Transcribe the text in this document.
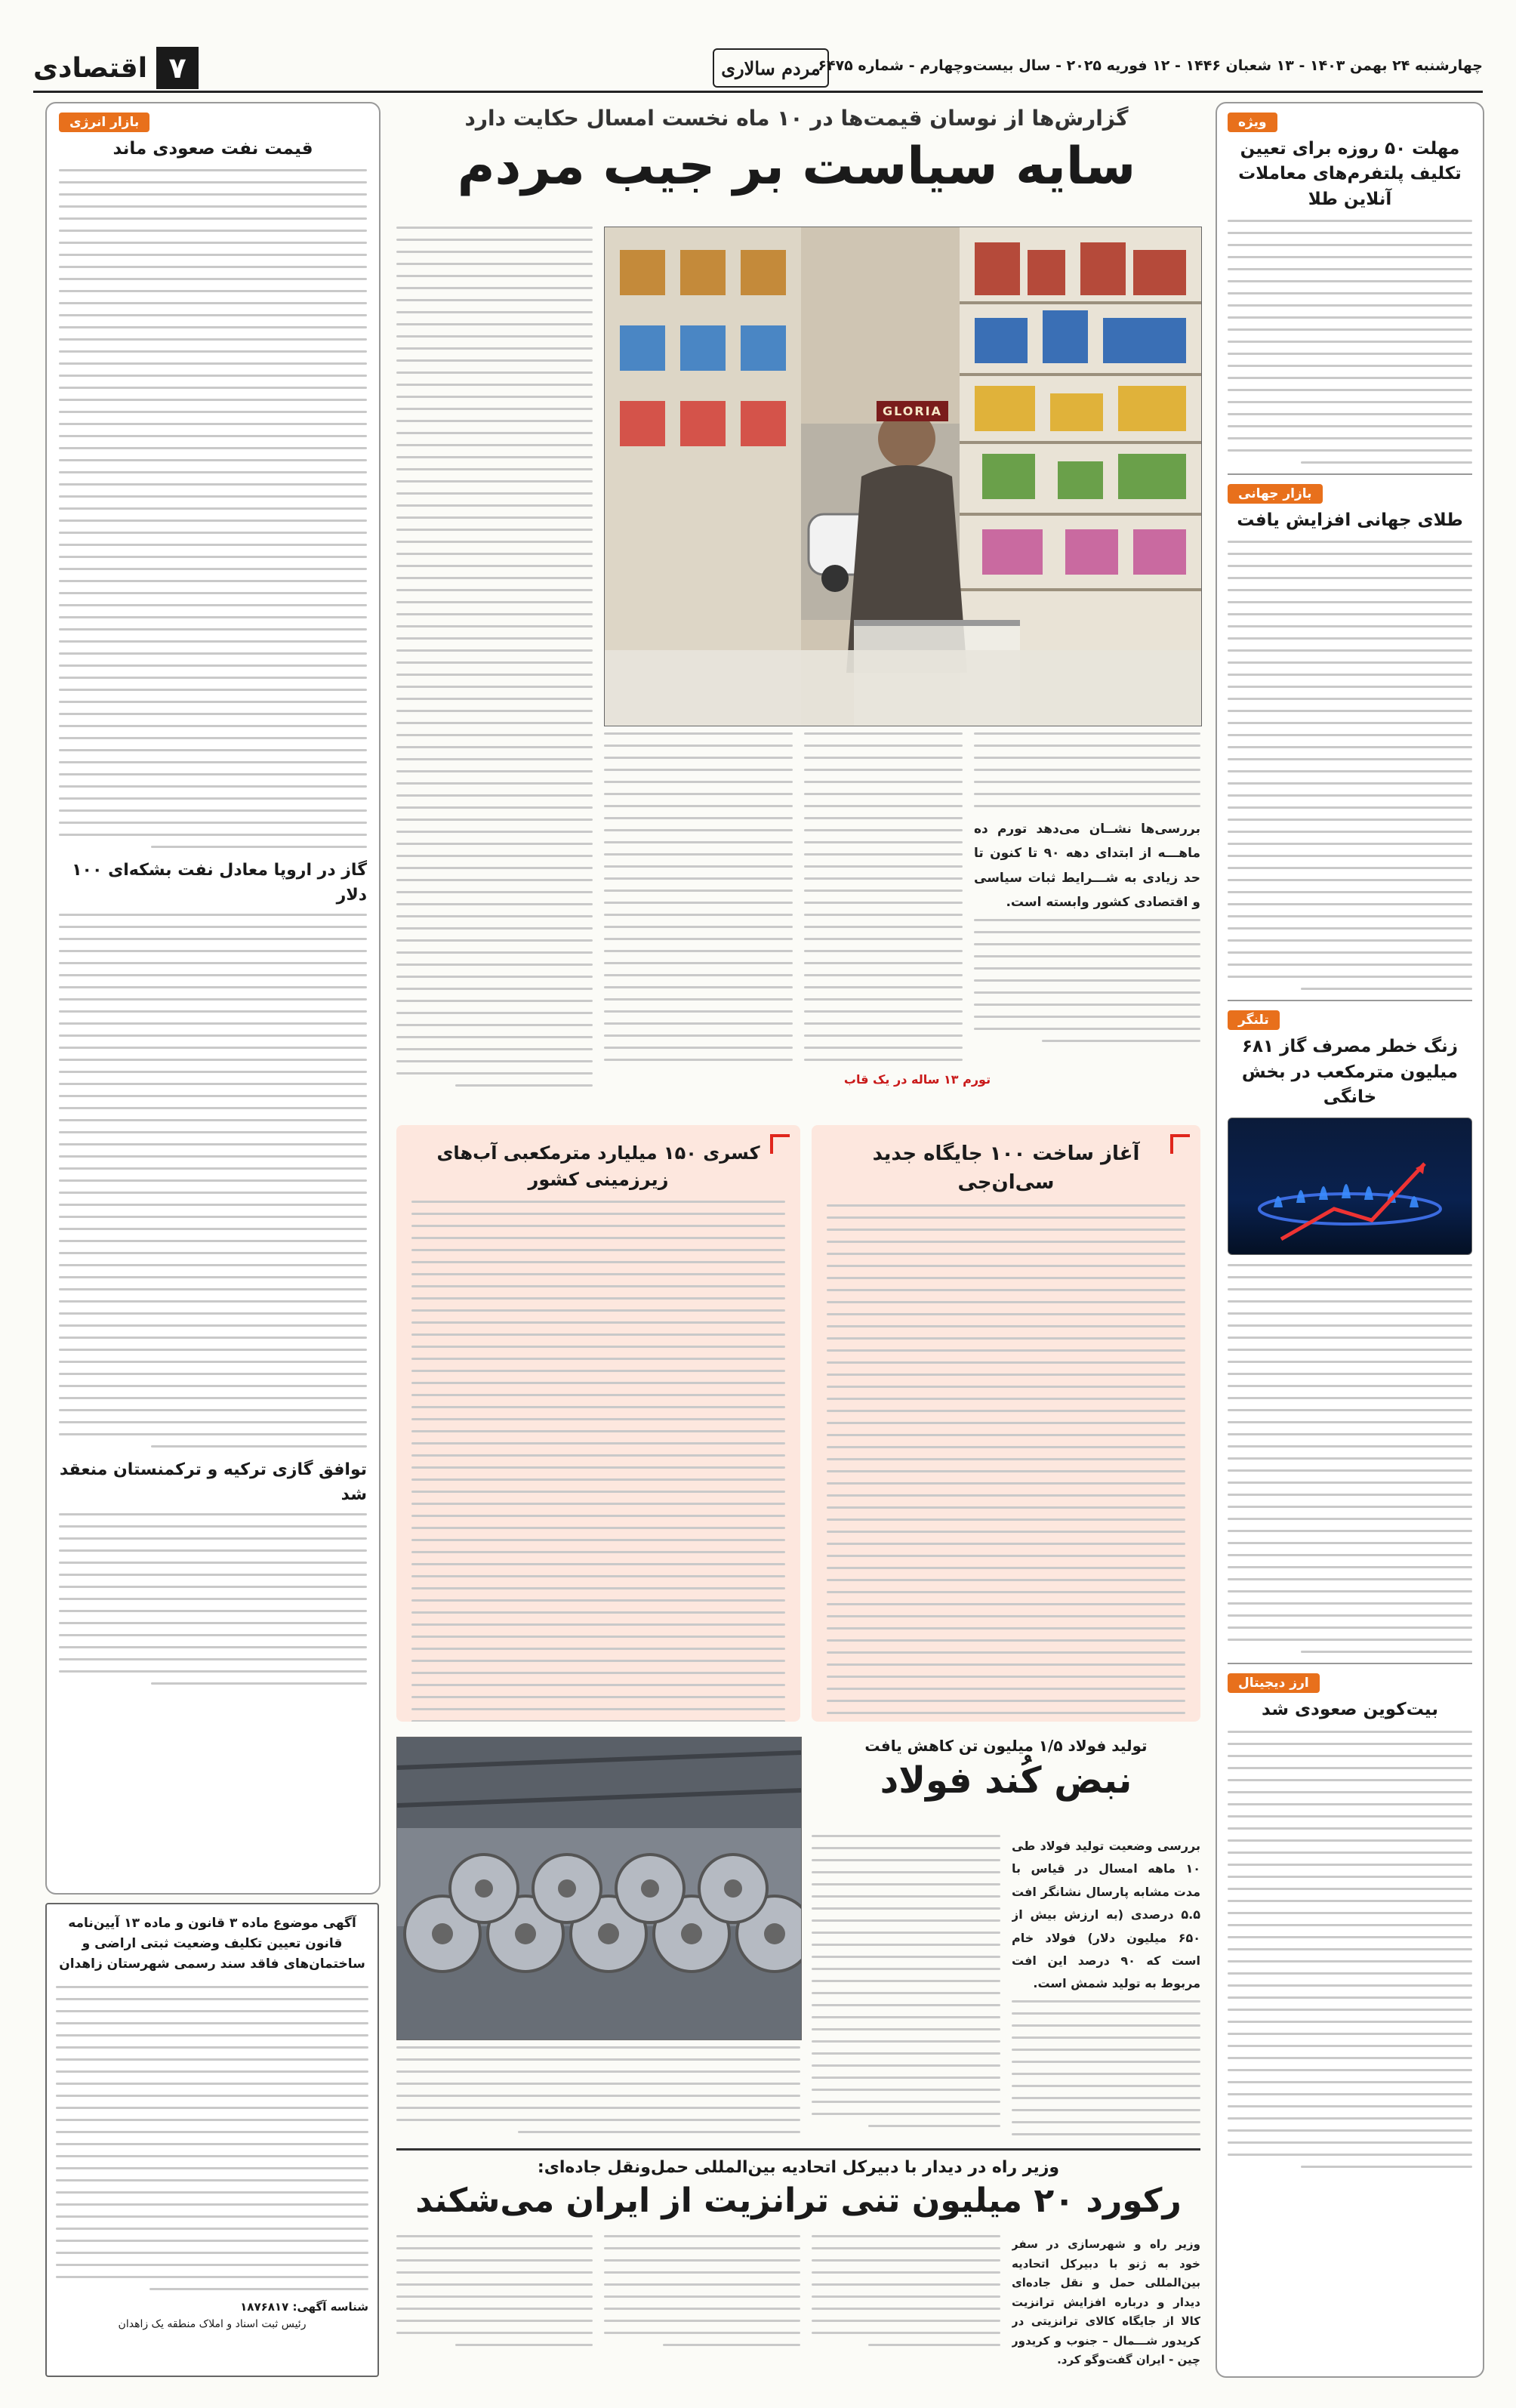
۷
اقتصادی	مردم سالاری
چهارشنبه ۲۴ بهمن ۱۴۰۳ - ۱۳ شعبان ۱۴۴۶ - ۱۲ فوریه ۲۰۲۵ - سال بیست‌وچهارم - شماره ۶۴۷۵
ویژه
مهلت ۵۰ روزه برای تعیین تکلیف پلتفرم‌های معاملات آنلاین طلا
بازار جهانی
طلای جهانی افزایش یافت
تلنگر
زنگ خطر مصرف گاز ۶۸۱ میلیون مترمکعب در بخش خانگی
ارز دیجیتال
بیت‌کوین صعودی شد
بازار انرژی
قیمت نفت صعودی ماند
گاز در اروپا معادل نفت بشکه‌ای ۱۰۰ دلار
توافق گازی ترکیه و ترکمنستان منعقد شد
آگهی موضوع ماده ۳ قانون و ماده ۱۳ آیین‌نامه قانون تعیین تکلیف وضعیت ثبتی اراضی و ساختمان‌های فاقد سند رسمی شهرستان زاهدان
شناسه آگهی: ۱۸۷۶۸۱۷
رئیس ثبت اسناد و املاک منطقه یک زاهدان
گزارش‌ها از نوسان قیمت‌ها در ۱۰ ماه نخست امسال حکایت دارد
سایه سیاست بر جیب مردم
GLORIA
بررسی‌ها نشــان می‌دهد تورم ده ماهـــه از ابتدای دهه ۹۰ تا کنون تا حد زیادی به شـــرایط ثبات سیاسی و اقتصادی کشور وابسته است.
تورم ۱۳ ساله در یک قاب
آغاز ساخت ۱۰۰ جایگاه جدید سی‌ان‌جی
کسری ۱۵۰ میلیارد مترمکعبی آب‌های زیرزمینی کشور
تولید فولاد ۱/۵ میلیون تن کاهش یافت
نبض کُند فولاد
بررسی وضعیت تولید فولاد طی ۱۰ ماهه امسال در قیاس با مدت مشابه پارسال نشانگر افت ۵.۵ درصدی (به ارزش بیش از ۶۵۰ میلیون دلار) فولاد خام است که ۹۰ درصد این افت مربوط به تولید شمش است.
وزیر راه در دیدار با دبیرکل اتحادیه بین‌المللی حمل‌ونقل جاده‌ای:
رکورد ۲۰ میلیون تنی ترانزیت از ایران می‌شکند
وزیر راه و شهرسازی در سفر خود به ژنو با دبیرکل اتحادیه بین‌المللی حمل و نقل جاده‌ای دیدار و درباره افزایش ترانزیت کالا از جایگاه کالای ترانزیتی در کریدور شـــمال – جنوب و کریدور چین - ایران گفت‌وگو کرد.
